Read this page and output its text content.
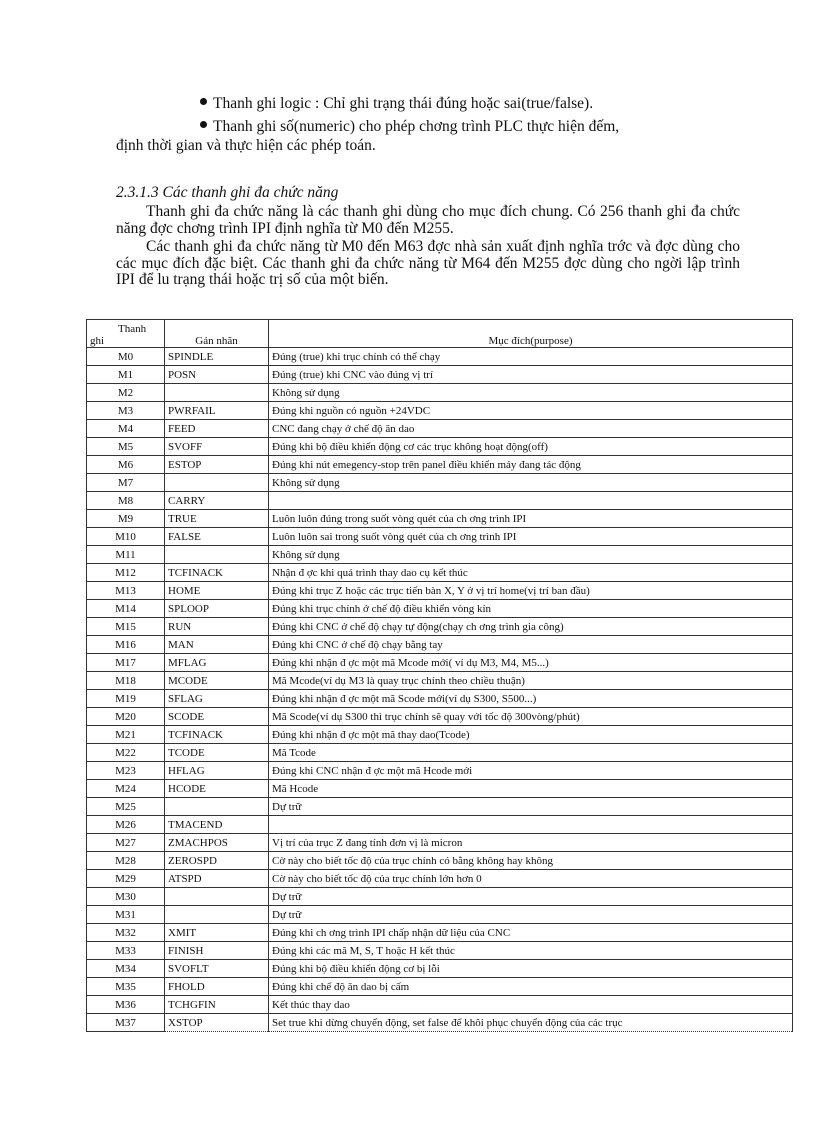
Thanh ghi logic : Chỉ ghi trạng thái đúng hoặc sai(true/false).
Thanh ghi số(numeric) cho phép chơng trình PLC thực hiện đếm,
định thời gian và thực hiện các phép toán.
2.3.1.3 Các thanh ghi đa chức năng
Thanh ghi đa chức năng là các thanh ghi dùng cho mục đích chung. Có 256 thanh ghi đa chức năng đợc chơng trình IPI định nghĩa từ M0 đến M255.
Các thanh ghi đa chức năng từ M0 đến M63 đợc nhà sản xuất định nghĩa trớc và đợc dùng cho các mục đích đặc biệt. Các thanh ghi đa chức năng từ M64 đến M255 đợc dùng cho ngời lập trình IPI để lu trạng thái hoặc trị số của một biến.
Thanh
ghi	Gán nhãn	Mục đích(purpose)
M0	SPINDLE	Đúng (true) khi trục chính có thể chạy
M1	POSN	Đúng (true) khi CNC vào đúng vị trí
M2		Không sử dụng
M3	PWRFAIL	Đúng khi nguồn có nguồn +24VDC
M4	FEED	CNC đang chạy ở chế độ ăn dao
M5	SVOFF	Đúng khi bộ điều khiển động cơ các trục không hoạt động(off)
M6	ESTOP	Đúng khi nút emegency-stop trên panel điều khiển máy đang tác động
M7		Không sử dụng
M8	CARRY	
M9	TRUE	Luôn luôn đúng trong suốt vòng quét của ch ơng trình IPI
M10	FALSE	Luôn luôn sai trong suốt vòng quét của ch ơng trình IPI
M11		Không sử dụng
M12	TCFINACK	Nhận đ ợc khi quá trình thay dao cụ kết thúc
M13	HOME	Đúng khi trục Z hoặc các trục tiến bàn X, Y ở vị trí home(vị trí ban đầu)
M14	SPLOOP	Đúng khi trục chính ở chế độ điều khiển vòng kín
M15	RUN	Đúng khi CNC ở chế độ chạy tự động(chạy ch ơng trình gia công)
M16	MAN	Đúng khi CNC ở chế độ chạy bằng tay
M17	MFLAG	Đúng khi nhận đ ợc một mã Mcode mới( ví dụ M3, M4, M5...)
M18	MCODE	Mã Mcode(ví dụ M3 là quay trục chính theo chiều thuận)
M19	SFLAG	Đúng khi nhận đ ợc một mã Scode mới(ví dụ S300, S500...)
M20	SCODE	Mã Scode(ví dụ S300 thì trục chính sẽ quay với tốc độ 300vòng/phút)
M21	TCFINACK	Đúng khi nhận đ ợc một mã thay dao(Tcode)
M22	TCODE	Mã Tcode
M23	HFLAG	Đúng khi CNC nhận đ ợc một mã Hcode mới
M24	HCODE	Mã Hcode
M25		Dự trữ
M26	TMACEND	
M27	ZMACHPOS	Vị trí của trục Z đang tính đơn vị là micron
M28	ZEROSPD	Cờ này cho biết tốc độ của trục chính có bằng không hay không
M29	ATSPD	Cờ này cho biết tốc độ của trục chính lớn hơn 0
M30		Dự trữ
M31		Dự trữ
M32	XMIT	Đúng khi ch ơng trình IPI chấp nhận dữ liệu của CNC
M33	FINISH	Đúng khi các mã M, S, T hoặc H kết thúc
M34	SVOFLT	Đúng khi bộ điều khiển động cơ bị lỗi
M35	FHOLD	Đúng khi chế độ ăn dao bị cấm
M36	TCHGFIN	Kết thúc thay dao
M37	XSTOP	Set true khi dừng chuyển động, set false để khôi phục chuyển động của các trục
